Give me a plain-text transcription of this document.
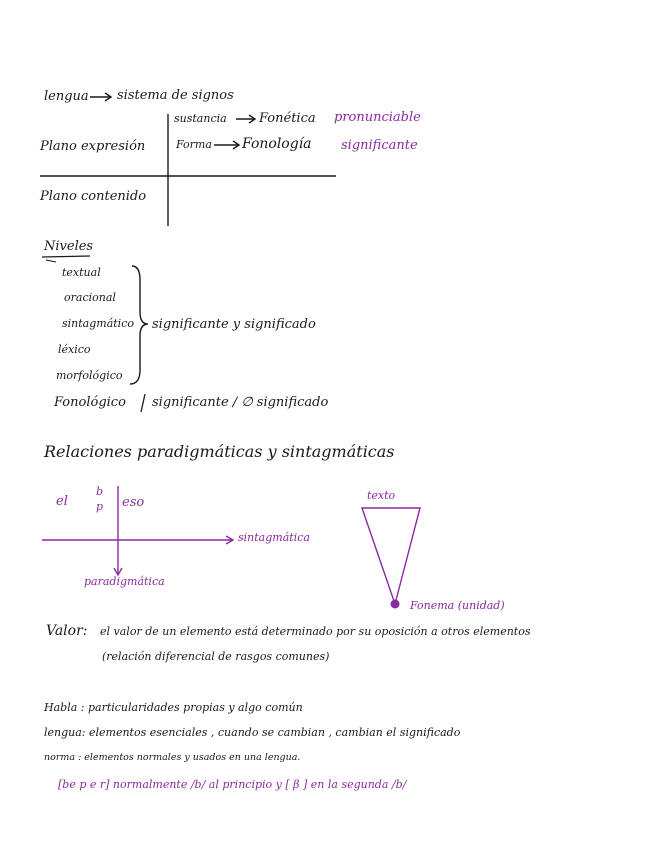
lengua sistema de signos
sustancia Fonética pronunciable
Plano expresión	Forma Fonología significante
Plano contenido
Niveles
textual
oracional
sintagmático
léxico
morfológico
significante y significado
Fonológico significante / ∅ significado
Relaciones paradigmáticas y sintagmáticas
el
b
p eso
sintagmática
paradigmática
texto
Fonema (unidad)
Valor: el valor de un elemento está determinado por su oposición a otros elementos
(relación diferencial de rasgos comunes)
Habla : particularidades propias y algo común
lengua: elementos esenciales , cuando se cambian , cambian el significado
norma : elementos normales y usados en una lengua.
[be p e r] normalmente /b/ al principio y [ β ] en la segunda /b/
